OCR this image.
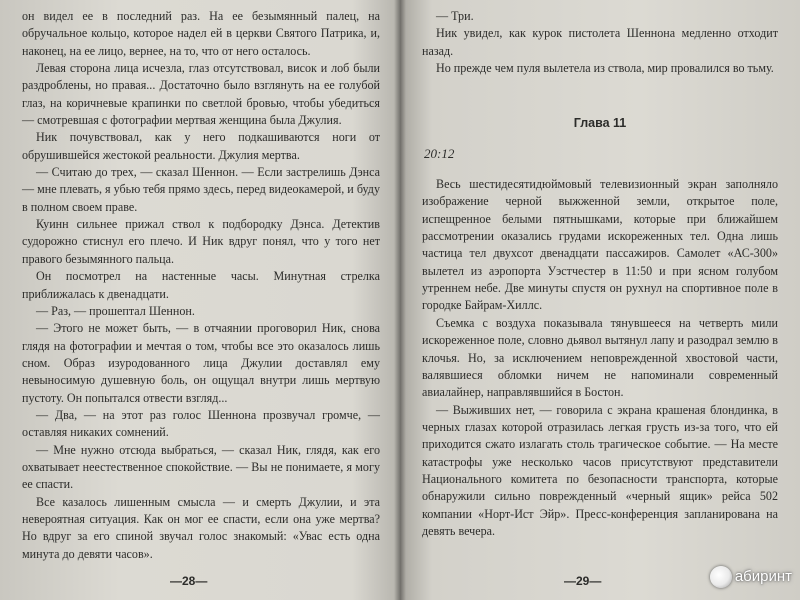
он видел ее в последний раз. На ее безымянный палец, на обручальное кольцо, которое надел ей в церкви Святого Патрика, и, наконец, на ее лицо, вернее, на то, что от него осталось.

Левая сторона лица исчезла, глаз отсутствовал, висок и лоб были раздроблены, но правая... Достаточно было взглянуть на ее голубой глаз, на коричневые крапинки по светлой бровью, чтобы убедиться — смотревшая с фотографии мертвая женщина была Джулия.

Ник почувствовал, как у него подкашиваются ноги от обрушившейся жестокой реальности. Джулия мертва.

— Считаю до трех, — сказал Шеннон. — Если застрелишь Дэнса — мне плевать, я убью тебя прямо здесь, перед видеокамерой, и буду в полном своем праве.

Куинн сильнее прижал ствол к подбородку Дэнса. Детектив судорожно стиснул его плечо. И Ник вдруг понял, что у того нет правого безымянного пальца.

Он посмотрел на настенные часы. Минутная стрелка приближалась к двенадцати.

— Раз, — прошептал Шеннон.

— Этого не может быть, — в отчаянии проговорил Ник, снова глядя на фотографии и мечтая о том, чтобы все это оказалось лишь сном. Образ изуродованного лица Джулии доставлял ему невыносимую душевную боль, он ощущал внутри лишь мертвую пустоту. Он попытался отвести взгляд...

— Два, — на этот раз голос Шеннона прозвучал громче, — оставляя никаких сомнений.

— Мне нужно отсюда выбраться, — сказал Ник, глядя, как его охватывает неестественное спокойствие. — Вы не понимаете, я могу ее спасти.

Все казалось лишенным смысла — и смерть Джулии, и эта невероятная ситуация. Как он мог ее спасти, если она уже мертва? Но вдруг за его спиной звучал голос знакомый: «Увас есть одна минута до девяти часов».

—28—

— Три.

Ник увидел, как курок пистолета Шеннона медленно отходит назад.

Но прежде чем пуля вылетела из ствола, мир провалился во тьму.

Глава 11
20:12

Весь шестидесятидюймовый телевизионный экран заполняло изображение черной выжженной земли, открытое поле, испещренное белыми пятнышками, которые при ближайшем рассмотрении оказались грудами искореженных тел. Одна лишь частица тел двухсот двенадцати пассажиров. Самолет «АС-300» вылетел из аэропорта Уэстчестер в 11:50 и при ясном голубом утреннем небе. Две минуты спустя он рухнул на спортивное поле в городке Байрам-Хиллс.

Съемка с воздуха показывала тянувшееся на четверть мили искореженное поле, словно дьявол вытянул лапу и разодрал землю в клочья. Но, за исключением неповрежденной хвостовой части, валявшиеся обломки ничем не напоминали современный авиалайнер, направлявшийся в Бостон.

— Выживших нет, — говорила с экрана крашеная блондинка, в черных глазах которой отразилась легкая грусть из-за того, что ей приходится сжато излагать столь трагическое событие. — На месте катастрофы уже несколько часов присутствуют представители Национального комитета по безопасности транспорта, которые обнаружили сильно поврежденный «черный ящик» рейса 502 компании «Норт-Ист Эйр». Пресс-конференция запланирована на девять вечера.

—29—	абиринт
